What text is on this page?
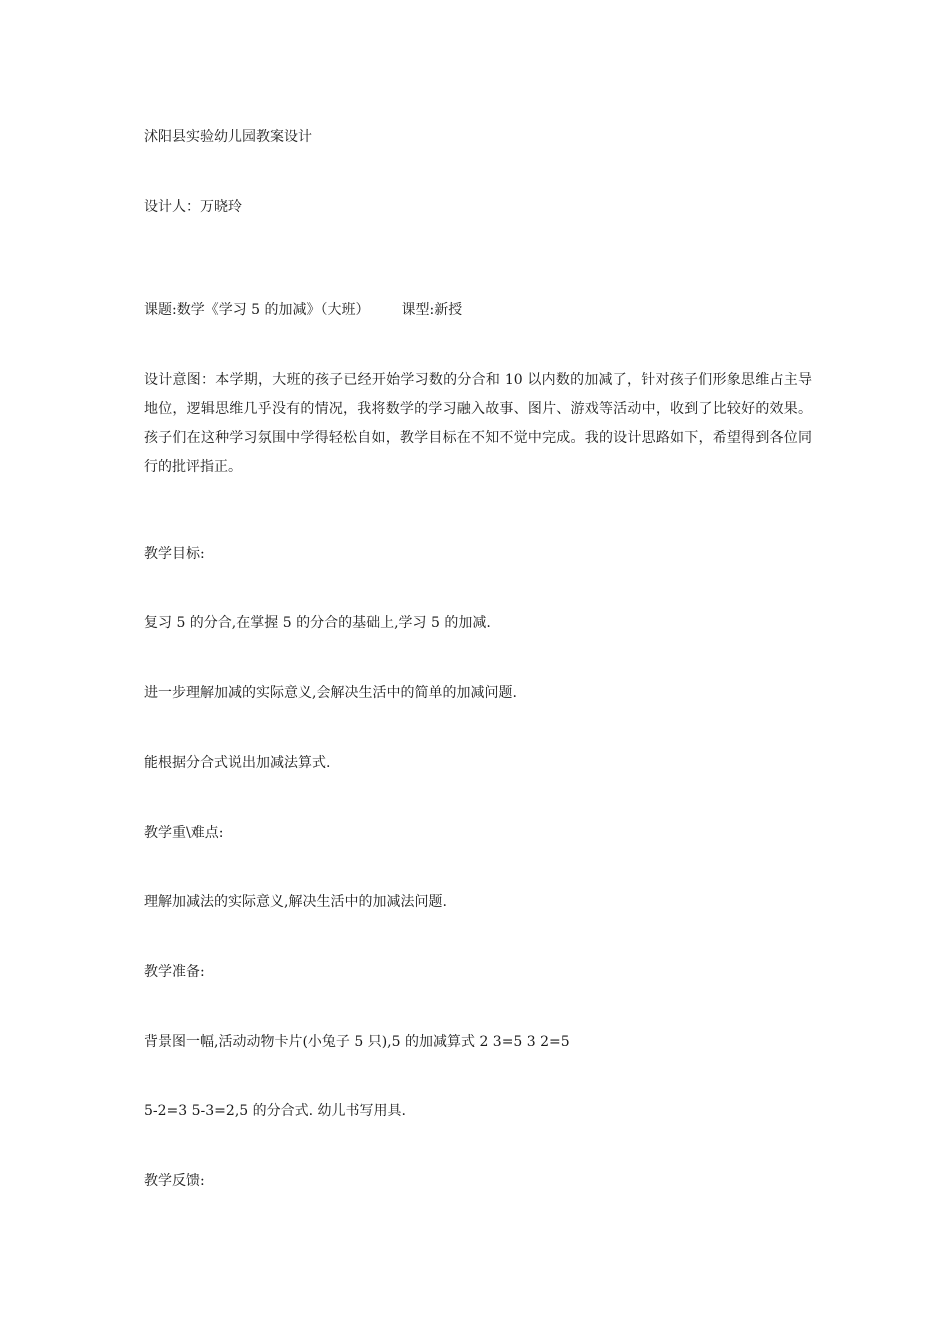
沭阳县实验幼儿园教案设计
设计人：万晓玲
课题:数学《学习 5 的加减》（大班） 课型:新授
设计意图：本学期，大班的孩子已经开始学习数的分合和 10 以内数的加减了，针对孩子们形象思维占主导地位，逻辑思维几乎没有的情况，我将数学的学习融入故事、图片、游戏等活动中，收到了比较好的效果。孩子们在这种学习氛围中学得轻松自如，教学目标在不知不觉中完成。我的设计思路如下，希望得到各位同行的批评指正。
教学目标:
复习 5 的分合,在掌握 5 的分合的基础上,学习 5 的加减.
进一步理解加减的实际意义,会解决生活中的简单的加减问题.
能根据分合式说出加减法算式.
教学重\难点:
理解加减法的实际意义,解决生活中的加减法问题.
教学准备:
背景图一幅,活动动物卡片(小兔子 5 只),5 的加减算式 2 3=5 3 2=5
5-2=3 5-3=2,5 的分合式. 幼儿书写用具.
教学反馈:
